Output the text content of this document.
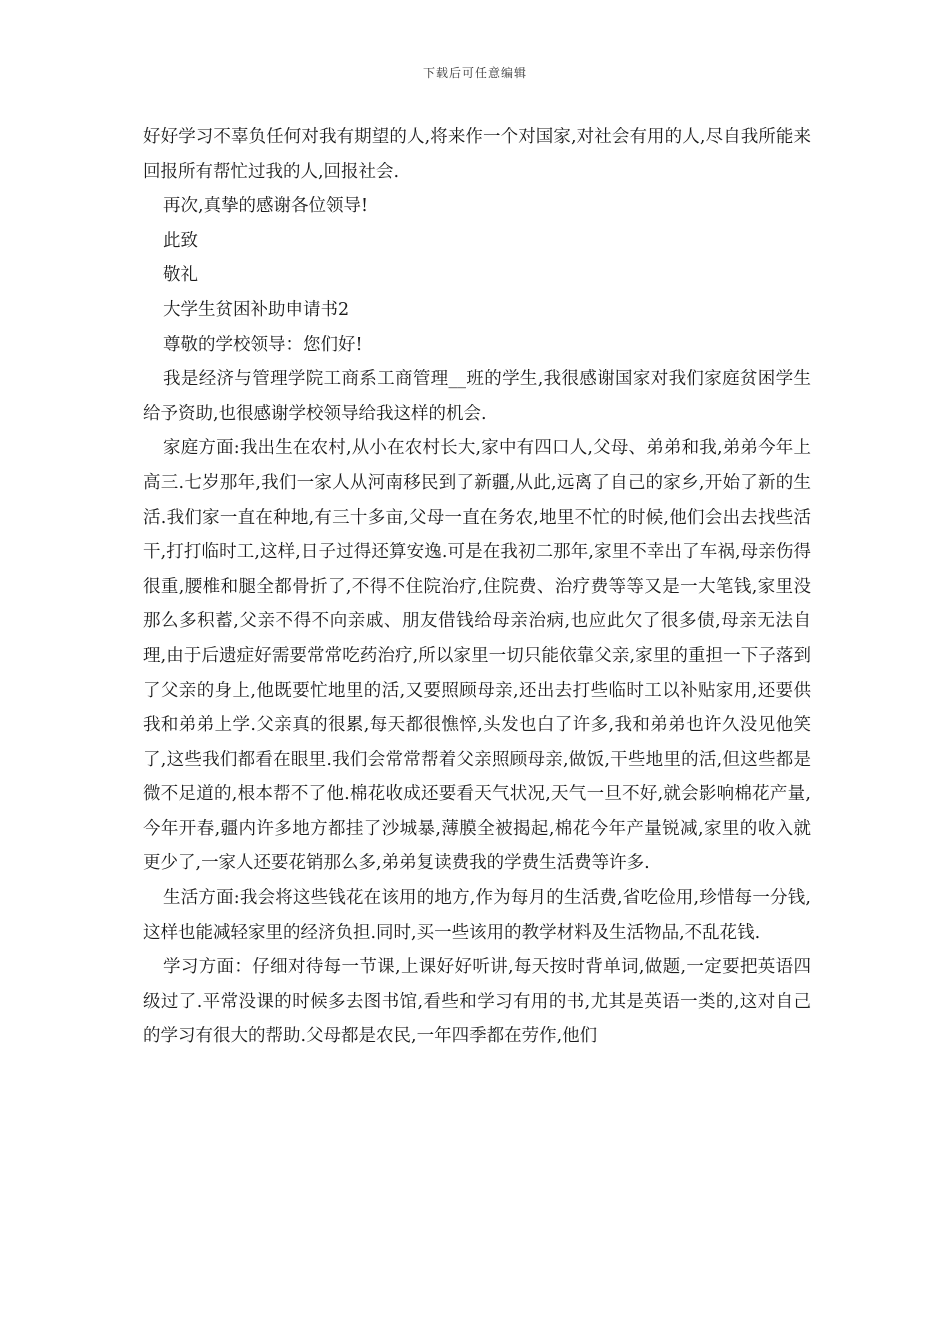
下载后可任意编辑

好好学习不辜负任何对我有期望的人,将来作一个对国家,对社会有用的人,尽自我所能来回报所有帮忙过我的人,回报社会.

再次,真挚的感谢各位领导!

此致

敬礼

大学生贫困补助申请书2

尊敬的学校领导：您们好!

我是经济与管理学院工商系工商管理__班的学生,我很感谢国家对我们家庭贫困学生给予资助,也很感谢学校领导给我这样的机会.

家庭方面:我出生在农村,从小在农村长大,家中有四口人,父母、弟弟和我,弟弟今年上高三.七岁那年,我们一家人从河南移民到了新疆,从此,远离了自己的家乡,开始了新的生活.我们家一直在种地,有三十多亩,父母一直在务农,地里不忙的时候,他们会出去找些活干,打打临时工,这样,日子过得还算安逸.可是在我初二那年,家里不幸出了车祸,母亲伤得很重,腰椎和腿全都骨折了,不得不住院治疗,住院费、治疗费等等又是一大笔钱,家里没那么多积蓄,父亲不得不向亲戚、朋友借钱给母亲治病,也应此欠了很多债,母亲无法自理,由于后遗症好需要常常吃药治疗,所以家里一切只能依靠父亲,家里的重担一下子落到了父亲的身上,他既要忙地里的活,又要照顾母亲,还出去打些临时工以补贴家用,还要供我和弟弟上学.父亲真的很累,每天都很憔悴,头发也白了许多,我和弟弟也许久没见他笑了,这些我们都看在眼里.我们会常常帮着父亲照顾母亲,做饭,干些地里的活,但这些都是微不足道的,根本帮不了他.棉花收成还要看天气状况,天气一旦不好,就会影响棉花产量,今年开春,疆内许多地方都挂了沙城暴,薄膜全被揭起,棉花今年产量锐减,家里的收入就更少了,一家人还要花销那么多,弟弟复读费我的学费生活费等许多.

生活方面:我会将这些钱花在该用的地方,作为每月的生活费,省吃俭用,珍惜每一分钱,这样也能减轻家里的经济负担.同时,买一些该用的教学材料及生活物品,不乱花钱.

学习方面：仔细对待每一节课,上课好好听讲,每天按时背单词,做题,一定要把英语四级过了.平常没课的时候多去图书馆,看些和学习有用的书,尤其是英语一类的,这对自己的学习有很大的帮助.父母都是农民,一年四季都在劳作,他们
